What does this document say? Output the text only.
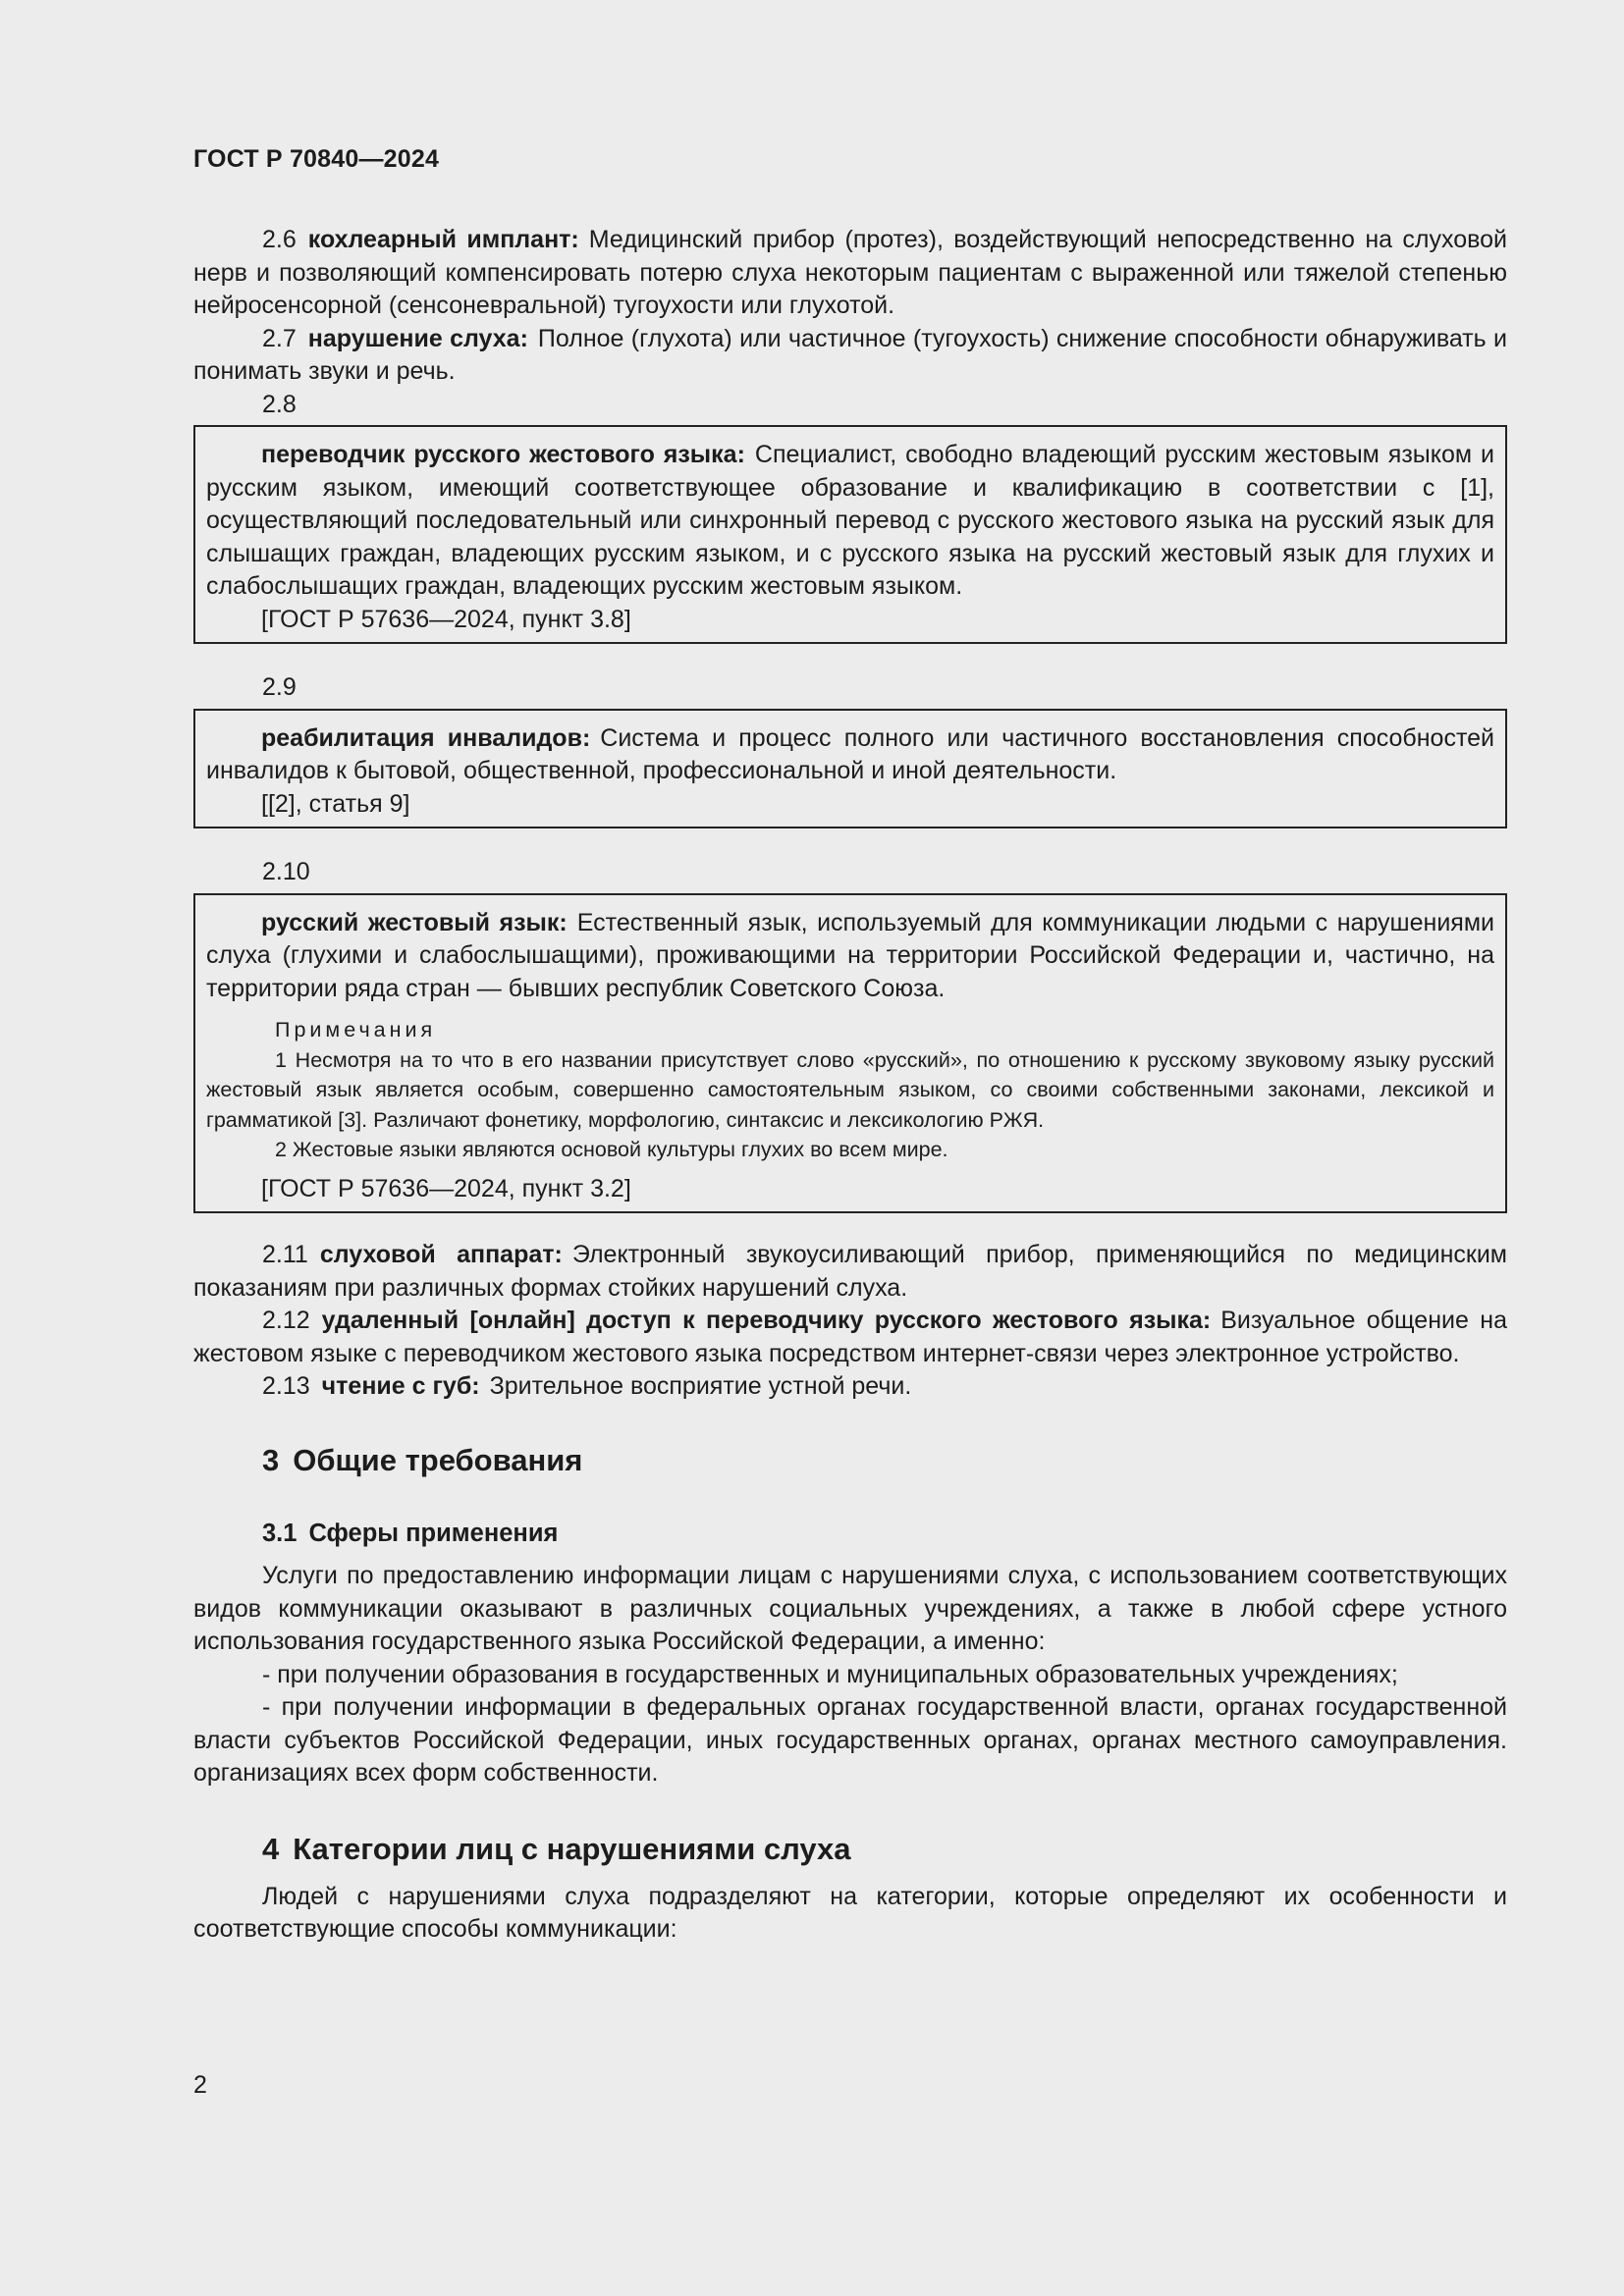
ГОСТ Р 70840—2024

2.6 кохлеарный имплант: Медицинский прибор (протез), воздействующий непосредственно на слуховой нерв и позволяющий компенсировать потерю слуха некоторым пациентам с выраженной или тяжелой степенью нейросенсорной (сенсоневральной) тугоухости или глухотой.

2.7 нарушение слуха: Полное (глухота) или частичное (тугоухость) снижение способности обнаруживать и понимать звуки и речь.

2.8

переводчик русского жестового языка: Специалист, свободно владеющий русским жестовым языком и русским языком, имеющий соответствующее образование и квалификацию в соответствии с [1], осуществляющий последовательный или синхронный перевод с русского жестового языка на русский язык для слышащих граждан, владеющих русским языком, и с русского языка на русский жестовый язык для глухих и слабослышащих граждан, владеющих русским жестовым языком.

[ГОСТ Р 57636—2024, пункт 3.8]

2.9

реабилитация инвалидов: Система и процесс полного или частичного восстановления способностей инвалидов к бытовой, общественной, профессиональной и иной деятельности.

[[2], статья 9]

2.10

русский жестовый язык: Естественный язык, используемый для коммуникации людьми с нарушениями слуха (глухими и слабослышащими), проживающими на территории Российской Федерации и, частично, на территории ряда стран — бывших республик Советского Союза.

Примечания

1 Несмотря на то что в его названии присутствует слово «русский», по отношению к русскому звуковому языку русский жестовый язык является особым, совершенно самостоятельным языком, со своими собственными законами, лексикой и грамматикой [3]. Различают фонетику, морфологию, синтаксис и лексикологию РЖЯ.

2 Жестовые языки являются основой культуры глухих во всем мире.

[ГОСТ Р 57636—2024, пункт 3.2]

2.11 слуховой аппарат: Электронный звукоусиливающий прибор, применяющийся по медицинским показаниям при различных формах стойких нарушений слуха.

2.12 удаленный [онлайн] доступ к переводчику русского жестового языка: Визуальное общение на жестовом языке с переводчиком жестового языка посредством интернет-связи через электронное устройство.

2.13 чтение с губ: Зрительное восприятие устной речи.

3 Общие требования
3.1 Сферы применения

Услуги по предоставлению информации лицам с нарушениями слуха, с использованием соответствующих видов коммуникации оказывают в различных социальных учреждениях, а также в любой сфере устного использования государственного языка Российской Федерации, а именно:

- при получении образования в государственных и муниципальных образовательных учреждениях;

- при получении информации в федеральных органах государственной власти, органах государственной власти субъектов Российской Федерации, иных государственных органах, органах местного самоуправления. организациях всех форм собственности.

4 Категории лиц с нарушениями слуха

Людей с нарушениями слуха подразделяют на категории, которые определяют их особенности и соответствующие способы коммуникации:

2
